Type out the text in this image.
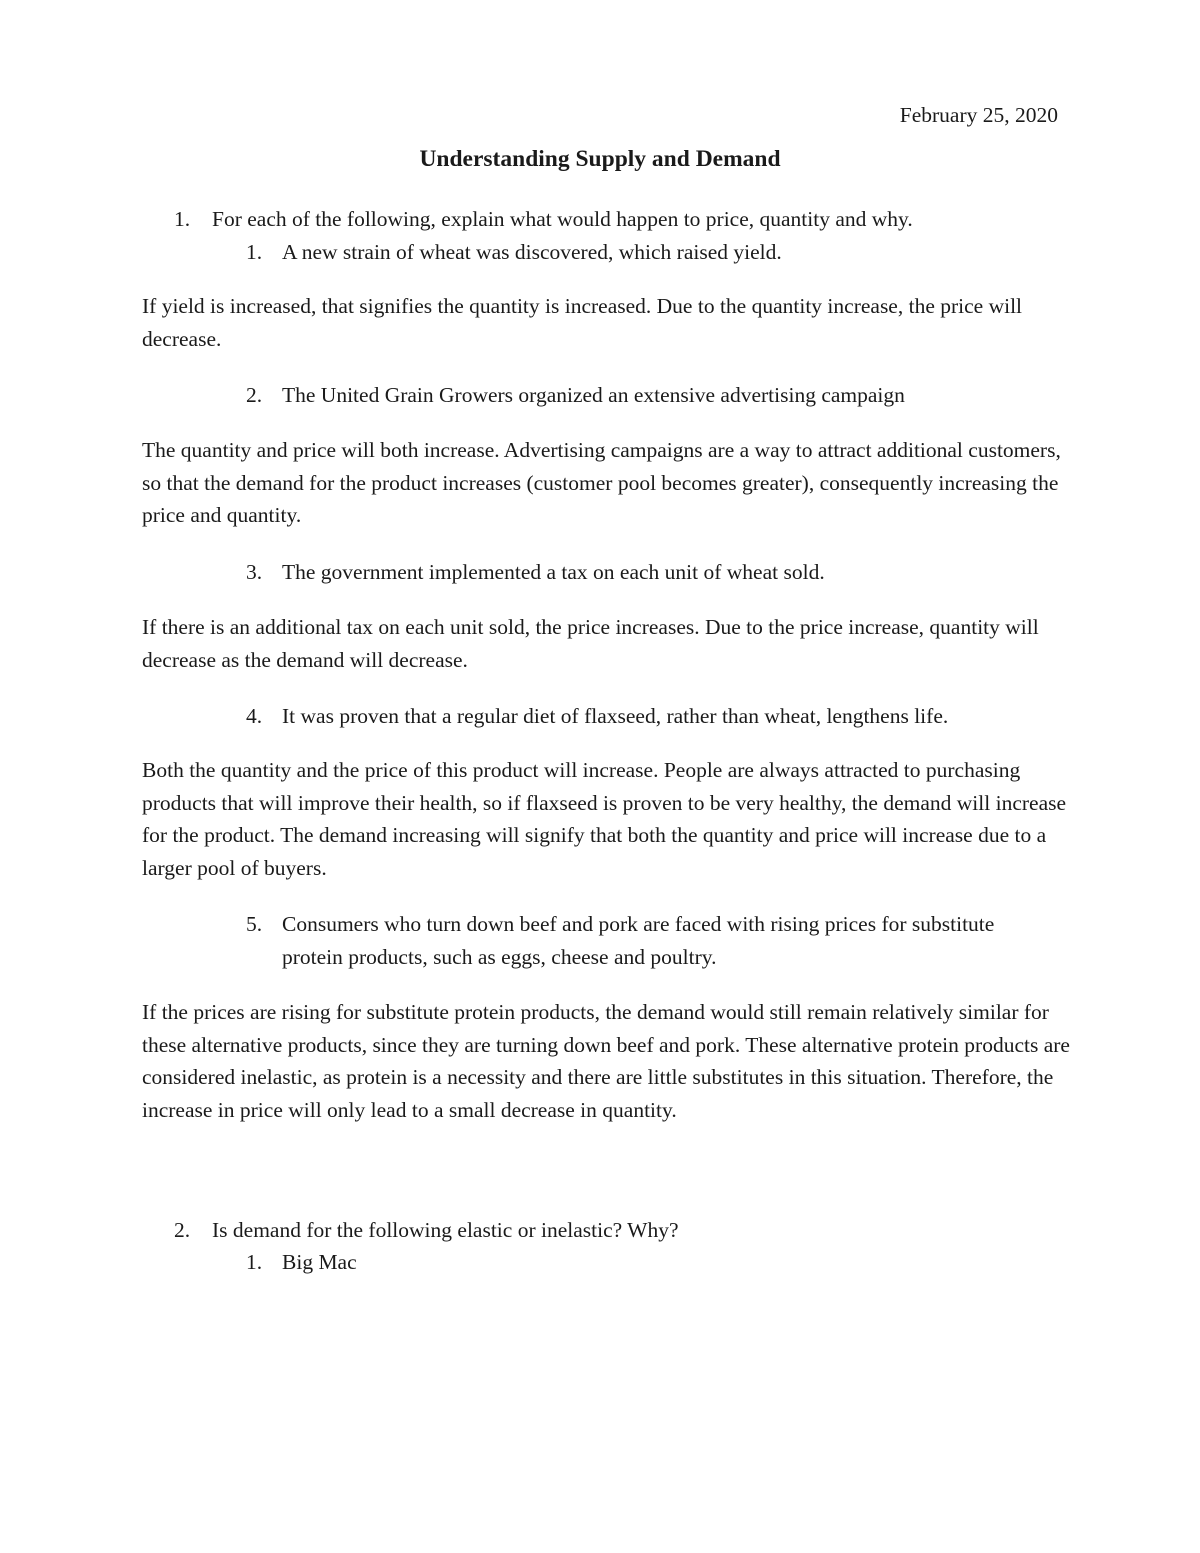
February 25, 2020

Understanding Supply and Demand
1. For each of the following, explain what would happen to price, quantity and why.
1. A new strain of wheat was discovered, which raised yield.

If yield is increased, that signifies the quantity is increased. Due to the quantity increase, the price will decrease.

2. The United Grain Growers organized an extensive advertising campaign

The quantity and price will both increase. Advertising campaigns are a way to attract additional customers, so that the demand for the product increases (customer pool becomes greater), consequently increasing the price and quantity.

3. The government implemented a tax on each unit of wheat sold.

If there is an additional tax on each unit sold, the price increases. Due to the price increase, quantity will decrease as the demand will decrease.

4. It was proven that a regular diet of flaxseed, rather than wheat, lengthens life.

Both the quantity and the price of this product will increase. People are always attracted to purchasing products that will improve their health, so if flaxseed is proven to be very healthy, the demand will increase for the product. The demand increasing will signify that both the quantity and price will increase due to a larger pool of buyers.

5. Consumers who turn down beef and pork are faced with rising prices for substitute protein products, such as eggs, cheese and poultry.

If the prices are rising for substitute protein products, the demand would still remain relatively similar for these alternative products, since they are turning down beef and pork. These alternative protein products are considered inelastic, as protein is a necessity and there are little substitutes in this situation. Therefore, the increase in price will only lead to a small decrease in quantity.

2. Is demand for the following elastic or inelastic? Why?
1. Big Mac
